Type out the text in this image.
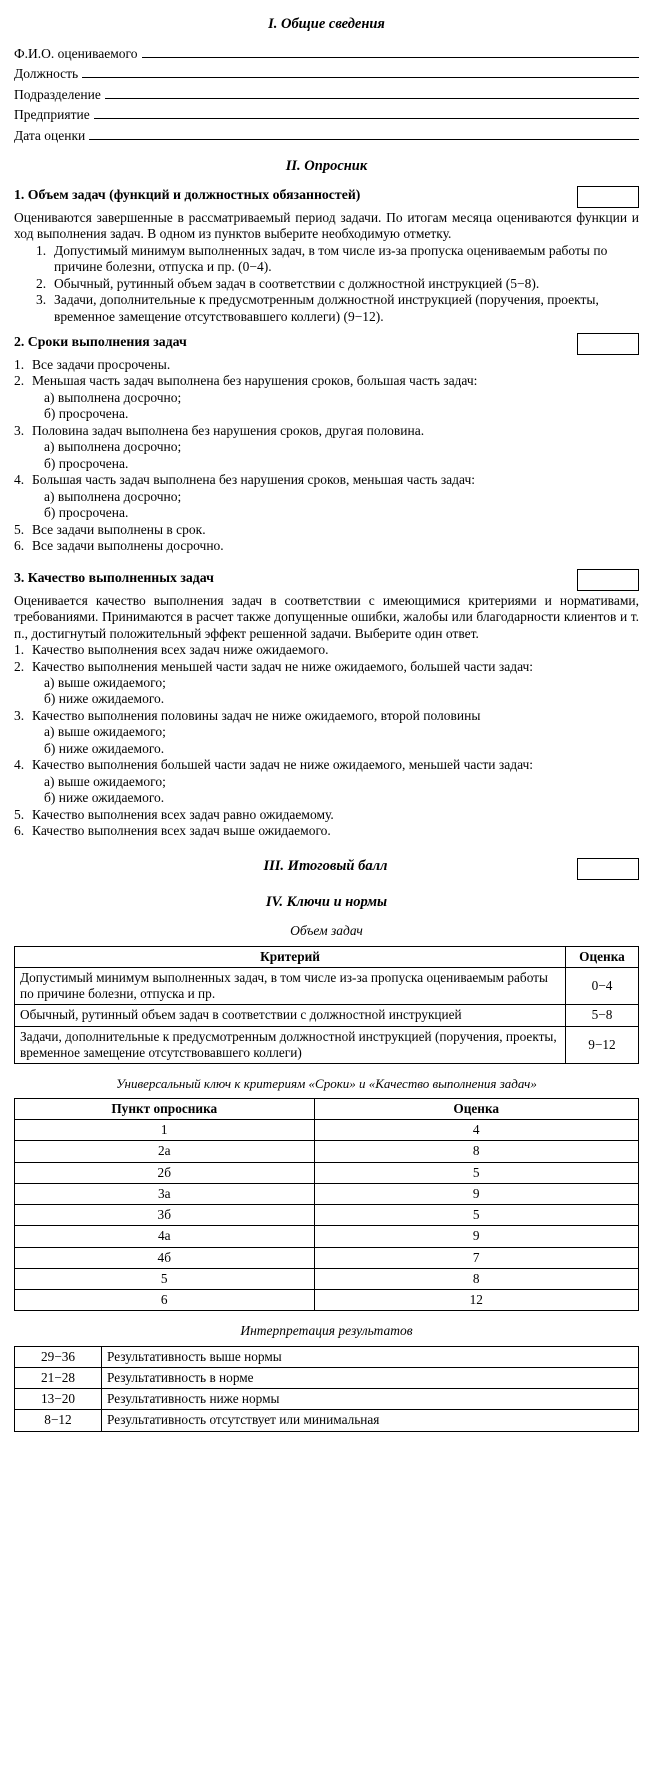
I. Общие сведения
Ф.И.О. оцениваемого
Должность
Подразделение
Предприятие
Дата оценки
II. Опросник
1. Объем задач (функций и должностных обязанностей)

Оцениваются завершенные в рассматриваемый период задачи. По итогам месяца оцениваются функции и ход выполнения задач. В одном из пунктов выберите необходимую отметку.

1. Допустимый минимум выполненных задач, в том числе из-за пропуска оцениваемым работы по причине болезни, отпуска и пр. (0−4).
2. Обычный, рутинный объем задач в соответствии с должностной инструкцией (5−8).
3. Задачи, дополнительные к предусмотренным должностной инструкцией (поручения, проекты, временное замещение отсутствовавшего коллеги) (9−12).
2. Сроки выполнения задач
1. Все задачи просрочены.
2. Меньшая часть задач выполнена без нарушения сроков, большая часть задач:
а) выполнена досрочно;
б) просрочена.
3. Половина задач выполнена без нарушения сроков, другая половина.
а) выполнена досрочно;
б) просрочена.
4. Большая часть задач выполнена без нарушения сроков, меньшая часть задач:
а) выполнена досрочно;
б) просрочена.
5. Все задачи выполнены в срок.
6. Все задачи выполнены досрочно.
3. Качество выполненных задач

Оценивается качество выполнения задач в соответствии с имеющимися критериями и нормативами, требованиями. Принимаются в расчет также допущенные ошибки, жалобы или благодарности клиентов и т. п., достигнутый положительный эффект решенной задачи. Выберите один ответ.

1. Качество выполнения всех задач ниже ожидаемого.
2. Качество выполнения меньшей части задач не ниже ожидаемого, большей части задач:
а) выше ожидаемого;
б) ниже ожидаемого.
3. Качество выполнения половины задач не ниже ожидаемого, второй половины
а) выше ожидаемого;
б) ниже ожидаемого.
4. Качество выполнения большей части задач не ниже ожидаемого, меньшей части задач:
а) выше ожидаемого;
б) ниже ожидаемого.
5. Качество выполнения всех задач равно ожидаемому.
6. Качество выполнения всех задач выше ожидаемого.
III. Итоговый балл
IV. Ключи и нормы
Объем задач
Критерий	Оценка
Допустимый минимум выполненных задач, в том числе из-за пропуска оцениваемым работы по причине болезни, отпуска и пр.	0−4
Обычный, рутинный объем задач в соответствии с должностной инструкцией	5−8
Задачи, дополнительные к предусмотренным должностной инструкцией (поручения, проекты, временное замещение отсутствовавшего коллеги)	9−12
Универсальный ключ к критериям «Сроки» и «Качество выполнения задач»
Пункт опросника	Оценка
1	4
2а	8
2б	5
3а	9
3б	5
4а	9
4б	7
5	8
6	12
Интерпретация результатов
29−36	Результативность выше нормы
21−28	Результативность в норме
13−20	Результативность ниже нормы
8−12	Результативность отсутствует или минимальная
